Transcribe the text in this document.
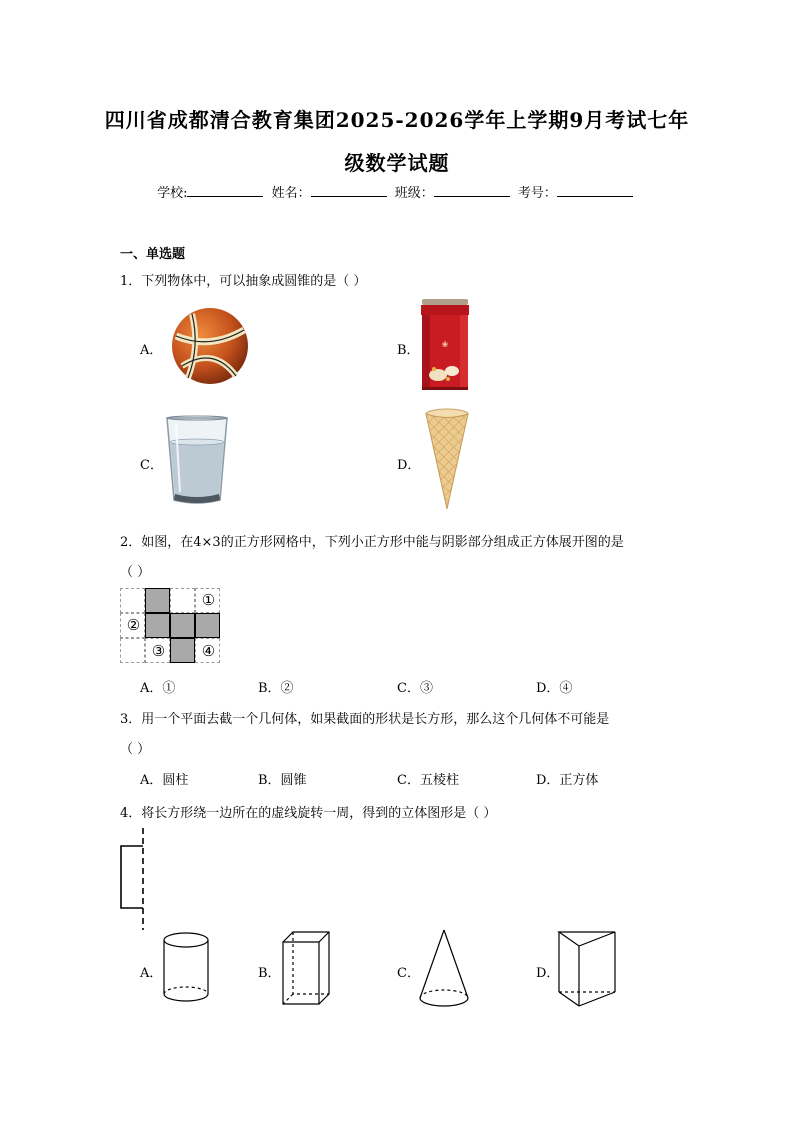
四川省成都清合教育集团2025-2026学年上学期9月考试七年
级数学试题
学校:	姓名：	班级：	考号：
一、单选题
1．下列物体中，可以抽象成圆锥的是（ ）
A．	B．	❀
C．	D．
2．如图，在4×3的正方形网格中，下列小正方形中能与阴影部分组成正方体展开图的是
（ ）
①
②
③	④
A．①	B．②	C．③	D．④
3．用一个平面去截一个几何体，如果截面的形状是长方形，那么这个几何体不可能是
（ ）
A．圆柱	B．圆锥	C．五棱柱	D．正方体
4．将长方形绕一边所在的虚线旋转一周，得到的立体图形是（ ）
A．	B．	C．	D．
